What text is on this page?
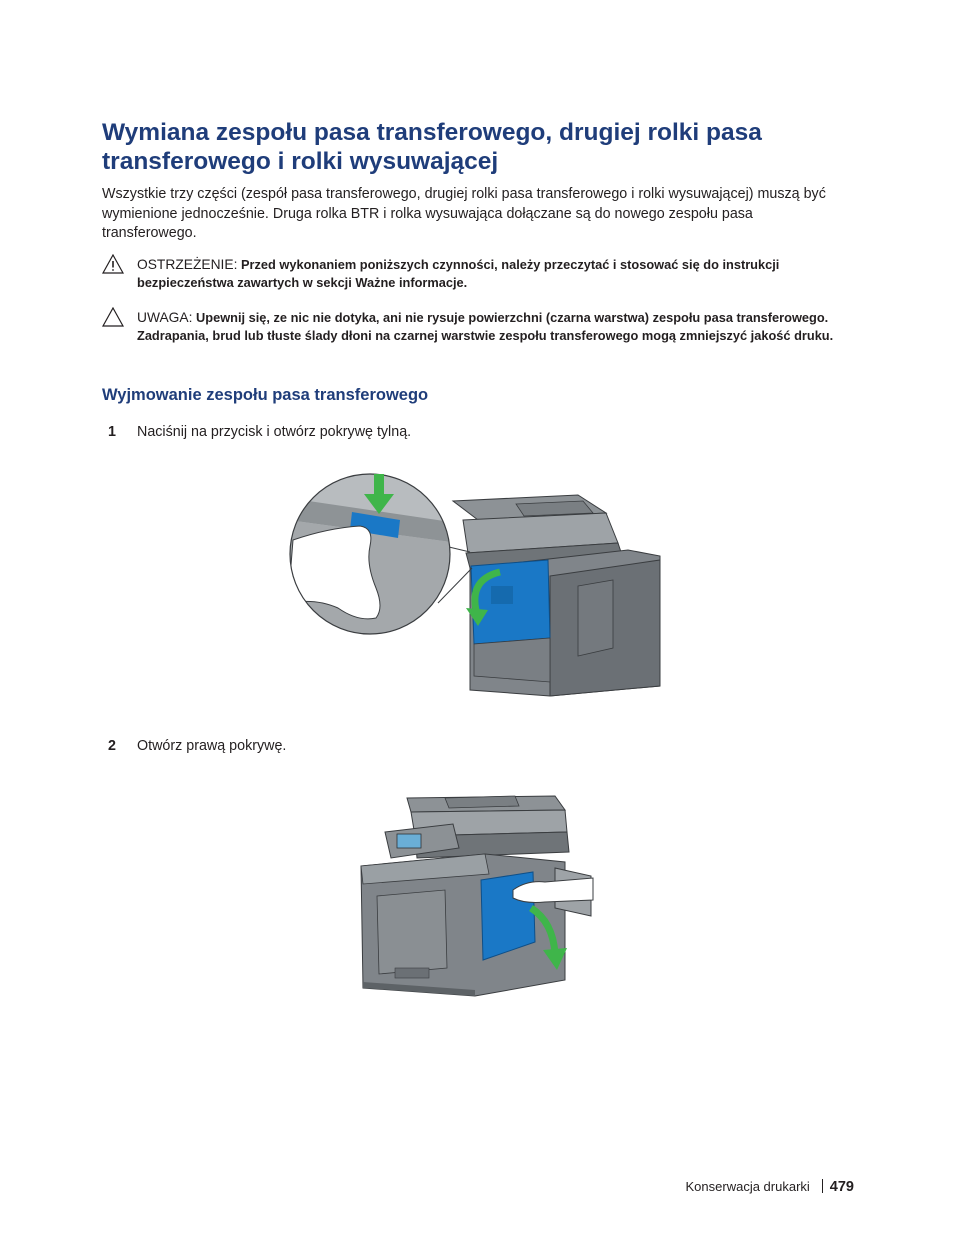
Wymiana zespołu pasa transferowego, drugiej rolki pasa transferowego i rolki wysuwającej

Wszystkie trzy części (zespół pasa transferowego, drugiej rolki pasa transferowego i rolki wysuwającej) muszą być wymienione jednocześnie. Druga rolka BTR i rolka wysuwająca dołączane są do nowego zespołu pasa transferowego.

OSTRZEŻENIE: Przed wykonaniem poniższych czynności, należy przeczytać i stosować się do instrukcji bezpieczeństwa zawartych w sekcji Ważne informacje.
UWAGA: Upewnij się, ze nic nie dotyka, ani nie rysuje powierzchni (czarna warstwa) zespołu pasa transferowego. Zadrapania, brud lub tłuste ślady dłoni na czarnej warstwie zespołu transferowego mogą zmniejszyć jakość druku.
Wyjmowanie zespołu pasa transferowego
1 Naciśnij na przycisk i otwórz pokrywę tylną.
2 Otwórz prawą pokrywę.
Konserwacja drukarki 479
